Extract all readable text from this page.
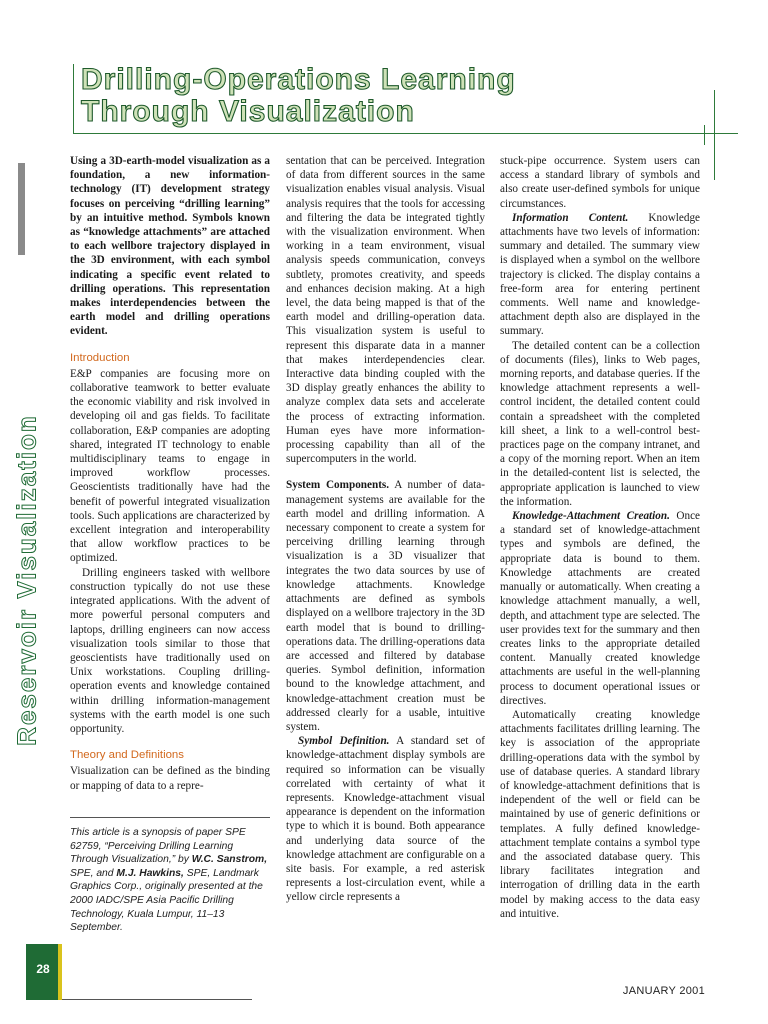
Drilling-Operations Learning
Through Visualization
Reservoir Visualization

Using a 3D-earth-model visualization as a foundation, a new information-technology (IT) development strategy focuses on perceiving “drilling learning” by an intuitive method. Symbols known as “knowledge attachments” are attached to each wellbore trajectory displayed in the 3D environment, with each symbol indicating a specific event related to drilling operations. This representation makes interdependencies between the earth model and drilling operations evident.

Introduction

E&P companies are focusing more on collaborative teamwork to better evaluate the economic viability and risk involved in developing oil and gas fields. To facilitate collaboration, E&P companies are adopting shared, integrated IT technology to enable multidisciplinary teams to engage in improved workflow processes. Geoscientists traditionally have had the benefit of powerful integrated visualization tools. Such applications are characterized by excellent integration and interoperability that allow workflow practices to be optimized.

Drilling engineers tasked with wellbore construction typically do not use these integrated applications. With the advent of more powerful personal computers and laptops, drilling engineers can now access visualization tools similar to those that geoscientists have traditionally used on Unix workstations. Coupling drilling-operation events and knowledge contained within drilling information-management systems with the earth model is one such opportunity.

Theory and Definitions

Visualization can be defined as the binding or mapping of data to a repre-

This article is a synopsis of paper SPE 62759, “Perceiving Drilling Learning Through Visualization,” by W.C. Sanstrom, SPE, and M.J. Hawkins, SPE, Landmark Graphics Corp., originally presented at the 2000 IADC/SPE Asia Pacific Drilling Technology, Kuala Lumpur, 11–13 September.

sentation that can be perceived. Integration of data from different sources in the same visualization enables visual analysis. Visual analysis requires that the tools for accessing and filtering the data be integrated tightly with the visualization environment. When working in a team environment, visual analysis speeds communication, conveys subtlety, promotes creativity, and speeds and enhances decision making. At a high level, the data being mapped is that of the earth model and drilling-operation data. This visualization system is useful to represent this disparate data in a manner that makes interdependencies clear. Interactive data binding coupled with the 3D display greatly enhances the ability to analyze complex data sets and accelerate the process of extracting information. Human eyes have more information-processing capability than all of the supercomputers in the world.

System Components. A number of data-management systems are available for the earth model and drilling information. A necessary component to create a system for perceiving drilling learning through visualization is a 3D visualizer that integrates the two data sources by use of knowledge attachments. Knowledge attachments are defined as symbols displayed on a wellbore trajectory in the 3D earth model that is bound to drilling-operations data. The drilling-operations data are accessed and filtered by database queries. Symbol definition, information bound to the knowledge attachment, and knowledge-attachment creation must be addressed clearly for a usable, intuitive system.

Symbol Definition. A standard set of knowledge-attachment display symbols are required so information can be visually correlated with certainty of what it represents. Knowledge-attachment visual appearance is dependent on the information type to which it is bound. Both appearance and underlying data source of the knowledge attachment are configurable on a site basis. For example, a red asterisk represents a lost-circulation event, while a yellow circle represents a

stuck-pipe occurrence. System users can access a standard library of symbols and also create user-defined symbols for unique circumstances.

Information Content. Knowledge attachments have two levels of information: summary and detailed. The summary view is displayed when a symbol on the wellbore trajectory is clicked. The display contains a free-form area for entering pertinent comments. Well name and knowledge-attachment depth also are displayed in the summary.

The detailed content can be a collection of documents (files), links to Web pages, morning reports, and database queries. If the knowledge attachment represents a well-control incident, the detailed content could contain a spreadsheet with the completed kill sheet, a link to a well-control best-practices page on the company intranet, and a copy of the morning report. When an item in the detailed-content list is selected, the appropriate application is launched to view the information.

Knowledge-Attachment Creation. Once a standard set of knowledge-attachment types and symbols are defined, the appropriate data is bound to them. Knowledge attachments are created manually or automatically. When creating a knowledge attachment manually, a well, depth, and attachment type are selected. The user provides text for the summary and then creates links to the appropriate detailed content. Manually created knowledge attachments are useful in the well-planning process to document operational issues or directives.

Automatically creating knowledge attachments facilitates drilling learning. The key is association of the appropriate drilling-operations data with the symbol by use of database queries. A standard library of knowledge-attachment definitions that is independent of the well or field can be maintained by use of generic definitions or templates. A fully defined knowledge-attachment template contains a symbol type and the associated database query. This library facilitates integration and interrogation of drilling data in the earth model by making access to the data easy and intuitive.

28
JANUARY 2001
